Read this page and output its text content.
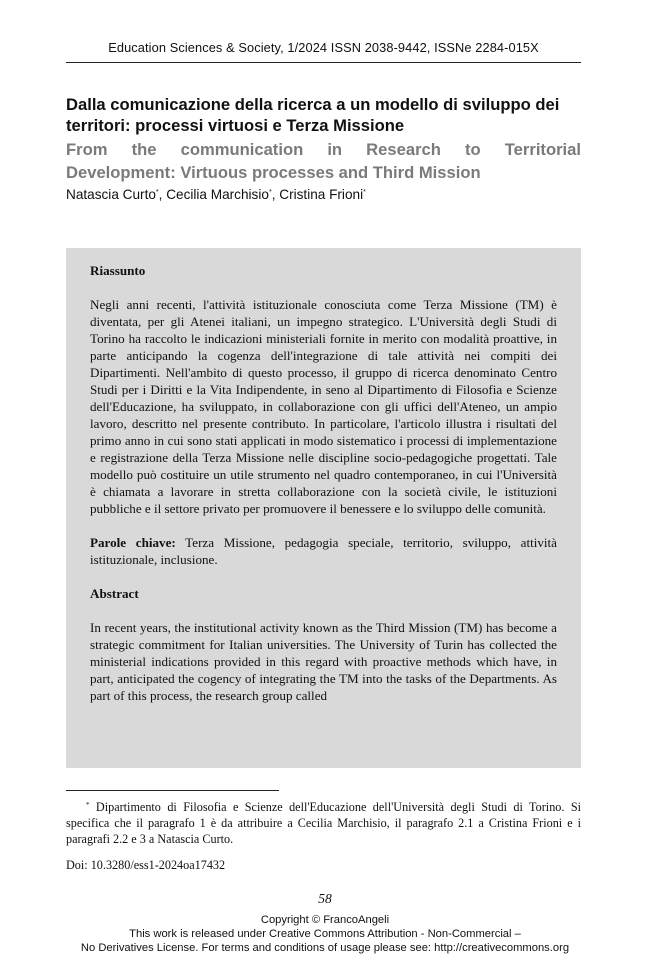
Education Sciences & Society, 1/2024 ISSN 2038-9442, ISSNe 2284-015X
Dalla comunicazione della ricerca a un modello di sviluppo dei territori: processi virtuosi e Terza Missione
From the communication in Research to Territorial
Development: Virtuous processes and Third Mission
Natascia Curto*, Cecilia Marchisio*, Cristina Frioni*

Riassunto

Negli anni recenti, l'attività istituzionale conosciuta come Terza Missione (TM) è diventata, per gli Atenei italiani, un impegno strategico. L'Università degli Studi di Torino ha raccolto le indicazioni ministeriali fornite in merito con modalità proattive, in parte anticipando la cogenza dell'integrazione di tale attività nei compiti dei Dipartimenti. Nell'ambito di questo processo, il gruppo di ricerca denominato Centro Studi per i Diritti e la Vita Indipendente, in seno al Dipartimento di Filosofia e Scienze dell'Educazione, ha sviluppato, in collaborazione con gli uffici dell'Ateneo, un ampio lavoro, descritto nel presente contributo. In particolare, l'articolo illustra i risultati del primo anno in cui sono stati applicati in modo sistematico i processi di implementazione e registrazione della Terza Missione nelle discipline socio-pedagogiche progettati. Tale modello può costituire un utile strumento nel quadro contemporaneo, in cui l'Università è chiamata a lavorare in stretta collaborazione con la società civile, le istituzioni pubbliche e il settore privato per promuovere il benessere e lo sviluppo delle comunità.

Parole chiave: Terza Missione, pedagogia speciale, territorio, sviluppo, attività istituzionale, inclusione.

Abstract

In recent years, the institutional activity known as the Third Mission (TM) has become a strategic commitment for Italian universities. The University of Turin has collected the ministerial indications provided in this regard with proactive methods which have, in part, anticipated the cogency of integrating the TM into the tasks of the Departments. As part of this process, the research group called

* Dipartimento di Filosofia e Scienze dell'Educazione dell'Università degli Studi di Torino. Si specifica che il paragrafo 1 è da attribuire a Cecilia Marchisio, il paragrafo 2.1 a Cristina Frioni e i paragrafi 2.2 e 3 a Natascia Curto.
Doi: 10.3280/ess1-2024oa17432
58
Copyright © FrancoAngeli
This work is released under Creative Commons Attribution - Non-Commercial –
No Derivatives License. For terms and conditions of usage please see: http://creativecommons.org
